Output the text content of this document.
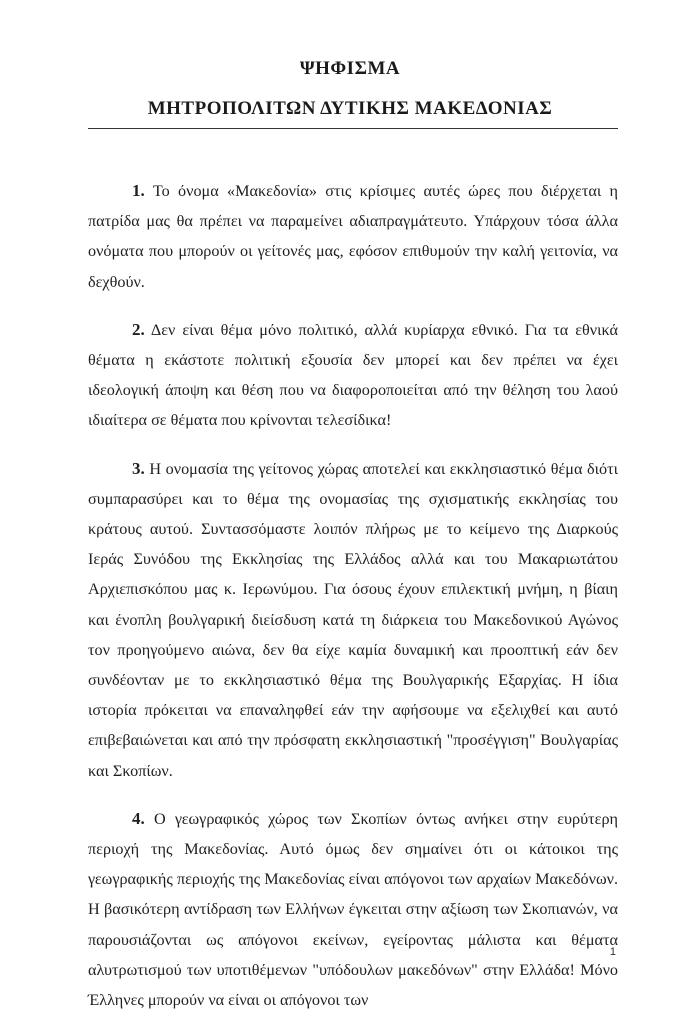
ΨΗΦΙΣΜΑ
ΜΗΤΡΟΠΟΛΙΤΩΝ ΔΥΤΙΚΗΣ ΜΑΚΕΔΟΝΙΑΣ

1. Το όνομα «Μακεδονία» στις κρίσιμες αυτές ώρες που διέρχεται η πατρίδα μας θα πρέπει να παραμείνει αδιαπραγμάτευτο. Υπάρχουν τόσα άλλα ονόματα που μπορούν οι γείτονές μας, εφόσον επιθυμούν την καλή γειτονία, να δεχθούν.

2. Δεν είναι θέμα μόνο πολιτικό, αλλά κυρίαρχα εθνικό. Για τα εθνικά θέματα η εκάστοτε πολιτική εξουσία δεν μπορεί και δεν πρέπει να έχει ιδεολογική άποψη και θέση που να διαφοροποιείται από την θέληση του λαού ιδιαίτερα σε θέματα που κρίνονται τελεσίδικα!

3. Η ονομασία της γείτονος χώρας αποτελεί και εκκλησιαστικό θέμα διότι συμπαρασύρει και το θέμα της ονομασίας της σχισματικής εκκλησίας του κράτους αυτού. Συντασσόμαστε λοιπόν πλήρως με το κείμενο της Διαρκούς Ιεράς Συνόδου της Εκκλησίας της Ελλάδος αλλά και του Μακαριωτάτου Αρχιεπισκόπου μας κ. Ιερωνύμου. Για όσους έχουν επιλεκτική μνήμη, η βίαιη και ένοπλη βουλγαρική διείσδυση κατά τη διάρκεια του Μακεδονικού Αγώνος τον προηγούμενο αιώνα, δεν θα είχε καμία δυναμική και προοπτική εάν δεν συνδέονταν με το εκκλησιαστικό θέμα της Βουλγαρικής Εξαρχίας. Η ίδια ιστορία πρόκειται να επαναληφθεί εάν την αφήσουμε να εξελιχθεί και αυτό επιβεβαιώνεται και από την πρόσφατη εκκλησιαστική "προσέγγιση" Βουλγαρίας και Σκοπίων.

4. Ο γεωγραφικός χώρος των Σκοπίων όντως ανήκει στην ευρύτερη περιοχή της Μακεδονίας. Αυτό όμως δεν σημαίνει ότι οι κάτοικοι της γεωγραφικής περιοχής της Μακεδονίας είναι απόγονοι των αρχαίων Μακεδόνων. Η βασικότερη αντίδραση των Ελλήνων έγκειται στην αξίωση των Σκοπιανών, να παρουσιάζονται ως απόγονοι εκείνων, εγείροντας μάλιστα και θέματα αλυτρωτισμού των υποτιθέμενων "υπόδουλων μακεδόνων" στην Ελλάδα! Μόνο Έλληνες μπορούν να είναι οι απόγονοι των

1
